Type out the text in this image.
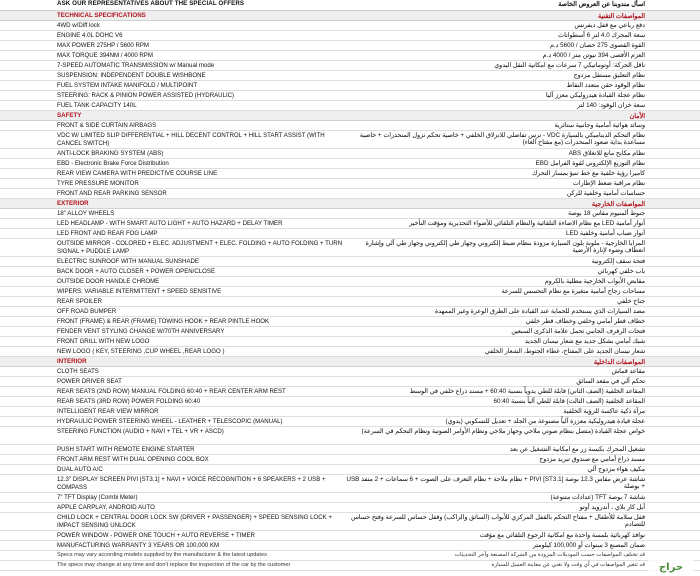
ASK OUR REPRESENTATIVES ABOUT THE SPECIAL OFFERS	اسأل مندوبنا عن العروض الخاصة
TECHNICAL SPECIFICATIONS	المواصفات التقنية
4WD w/Diff lock	دفع رباعي مع قفل ديفرنس
ENGINE 4.0L DOHC V6	سعة المحرك 4.0 لتر 6 أسطوانات
MAX POWER 275HP / 5600 RPM	القوة القصوى 275 حصان / 5600 د.م
MAX TORQUE 394NM / 4000 RPM	العزم الأقصى 394 نيوتن متر / 4000 د.م
7-SPEED AUTOMATIC TRANSMISSION w/ Manual mode	ناقل الحركة: أوتوماتيكي 7 سرعات مع امكانية النقل اليدوي
SUSPENSION: INDEPENDENT DOUBLE WISHBONE	نظام التعليق مستقل مزدوج
FUEL SYSTEM INTAKE MANIFOLD / MULTIPOINT	نظام الوقود حقن متعدد النقاط
STEERING: RACK & PINION POWER ASSISTED (HYDRAULIC)	نظام عجلة القيادة هيدروليكي معزز آليا
FUEL TANK CAPACITY 140L	سعة خزان الوقود: 140 لتر
SAFETY	الأمان
FRONT & SIDE CURTAIN AIRBAGS	وسائد هوائية أمامية وجانبية ستائرية
VDC W/ LIMITED SLIP DIFFERENTIAL + HILL DECENT CONTROL + HILL START ASSIST (WITH CANCEL SWITCH)
نظام التحكم الديناميكي بالسيارة VDC - ترس تفاضلي للانزلاق الخلفي + خاصية تحكم نزول المنحدرات + خاصية مساعدة بداية صعود المنحدرات (مع مفتاح الغاء)
ANTI-LOCK BRAKING SYSTEM (ABS)	نظام مكابح مانع للانغلاق ABS
EBD - Electronic Brake Force Distribution	نظام التوزيع الإلكتروني لقوة الفرامل EBD
REAR VIEW CAMERA WITH PREDICTIVE COURSE LINE	كاميرا رؤية خلفية مع خط تنبؤ بمسار التحرك
TYRE PRESSURE MONITOR	نظام مراقبة ضغط الإطارات
FRONT AND REAR PARKING SENSOR	حساسات أمامية وخلفية للركن
EXTERIOR	المواصفات الخارجية
18" ALLOY WHEELS	جنوط ألمنيوم مقاس 18 بوصة
LED HEADLAMP - WITH SMART AUTO LIGHT + AUTO HAZARD + DELAY TIMER	أنوار أمامية LED مع نظام الاضاءة التلقائية والنظام التلقائي للأضواء التحذيرية ومؤقت التأخير
LED FRONT AND REAR FOG LAMP	أنوار ضباب أمامية وخلفية LED
OUTSIDE MIRROR - COLORED + ELEC. ADJUSTMENT + ELEC. FOLDING + AUTO FOLDING + TURN SIGNAL + PUDDLE LAMP
المرايا الخارجية - ملونة بلون السيارة مزودة بنظام ضبط إلكتروني وجهاز طي إلكتروني وجهاز طي آلي وإشارة انعطاف وضوء لإنارة الأرضية
ELECTRIC SUNROOF WITH MANUAL SUNSHADE	فتحة سقف إلكترونية
BACK DOOR + AUTO CLOSER + POWER OPEN/CLOSE	باب خلفي كهربائي
OUTSIDE DOOR HANDLE CHROME	مقابض الأبواب الخارجية مطلية بالكروم
WIPERS: VARIABLE INTERMITTENT + SPEED SENSITIVE	مساحات زجاج أمامية متغيرة مع نظام التحسس للسرعة
REAR SPOILER	جناح خلفي
OFF ROAD BUMPER	مصد السيارات الذي يستخدم للحماية عند القيادة على الطرق الوعرة وغير الممهدة
FRONT (FRAME) & REAR (FRAME) TOWING HOOK + REAR PINTLE HOOK	خطاف قطر أمامي وخلفي وخطاف قطر خلفي
FENDER VENT STYLING CHANGE W/70TH ANNIVERSARY	فتحات الرفرف الجانبي تحمل علامة الذكرى السبعين
FRONT GRILL WITH NEW LOGO	شبك أمامي بشكل جديد مع شعار نيسان الجديد
NEW LOGO ( KEY, STEERING ,CUP WHEEL ,REAR LOGO )	شعار نيسان الجديد على المفتاح، غطاء الجنوط، الشعار الخلفي
INTERIOR	المواصفات الداخلية
CLOTH SEATS	مقاعد قماش
POWER DRIVER SEAT	تحكم آلي في مقعد السائق
REAR SEATS (2ND ROW) MANUAL FOLDING 60:40 + REAR CENTER ARM REST	المقاعد الخلفية (الصف الثاني) قابلة للطي يدوياً بنسبة 60:40 + مسند ذراع خلفي في الوسط
REAR SEATS (3RD ROW) POWER FOLDING 60:40	المقاعد الخلفية (الصف الثالث) قابلة للطي آلياً بنسبة 60:40
INTELLIGENT REAR VIEW MIRROR	مرآة ذكية عاكسة للرؤية الخلفية
HYDRAULIC POWER STEERING WHEEL - LEATHER + TELESCOPIC (MANUAL)	عجلة قيادة هيدروليكية معززة آلياً مصنوعة من الجلد + تعديل للتسكوبي (يدوي)
STEERING FUNCTION (AUDIO + NAVI + TEL + VR + ASCD)	خواص عجلة القيادة (متصل بنظام صوتي ملاحي وجهاز ملاحي ونظام الأوامر الصوتية ونظام التحكم في السرعة)
PUSH START WITH REMOTE ENGINE STARTER	تشغيل المحرك بكبسة زر مع امكانية التشغيل عن بعد
FRONT ARM REST WITH DUAL OPENING COOL BOX	مسند ذراع أمامي مع صندوق تبريد مزدوج
DUAL AUTO A/C	مكيف هواء مزدوج آلي
12.3" DISPLAY SCREEN PIVI [ST3.1] + NAVI + VOICE RECOGNITION + 6 SPEAKERS + 2 USB + COMPASS
شاشة عرض مقاس 12.3 بوصة PIVI [ST3.1] + نظام ملاحة + نظام التعرف على الصوت + 6 سماعات + 2 منفذ USB + بوصلة
7" TFT Display (Combi Meter)	شاشة 7 بوصة TFT (عدادات متنوعة)
APPLE CARPLAY, ANDROID AUTO	أبل كار بلاي ، أندرويد أوتو
CHILD LOCK + CENTRAL DOOR LOCK SW (DRIVER + PASSENGER) + SPEED SENSING LOCK + IMPACT SENSING UNLOCK
قفل سلامة للأطفال + مفتاح التحكم بالقفل المركزي للأبواب (السائق والراكب) وقفل حساس للسرعة وفتح حساس للتصادم
POWER WINDOW - POWER ONE TOUCH + AUTO REVERSE + TIMER	نوافذ كهربائية بلمسة واحدة مع امكانية الرجوع التلقائي مع مؤقت
MANUFACTURING WARRANTY 3 YEARS OR 100,000 KM	ضمان المصنع 3 سنوات أو 100,000 كيلومتر
Specs may vary according models supplied by the manufacturer & the latest updates	قد تختلف المواصفات حسب الموديلات المزودة من الشركة المصنعة وآخر التحديثات
The specs may change at any time and don't replace the inspection of the car by the customer	قد تتغير المواصفات في أي وقت ولا تغني عن معاينة العميل للسيارة حراج
